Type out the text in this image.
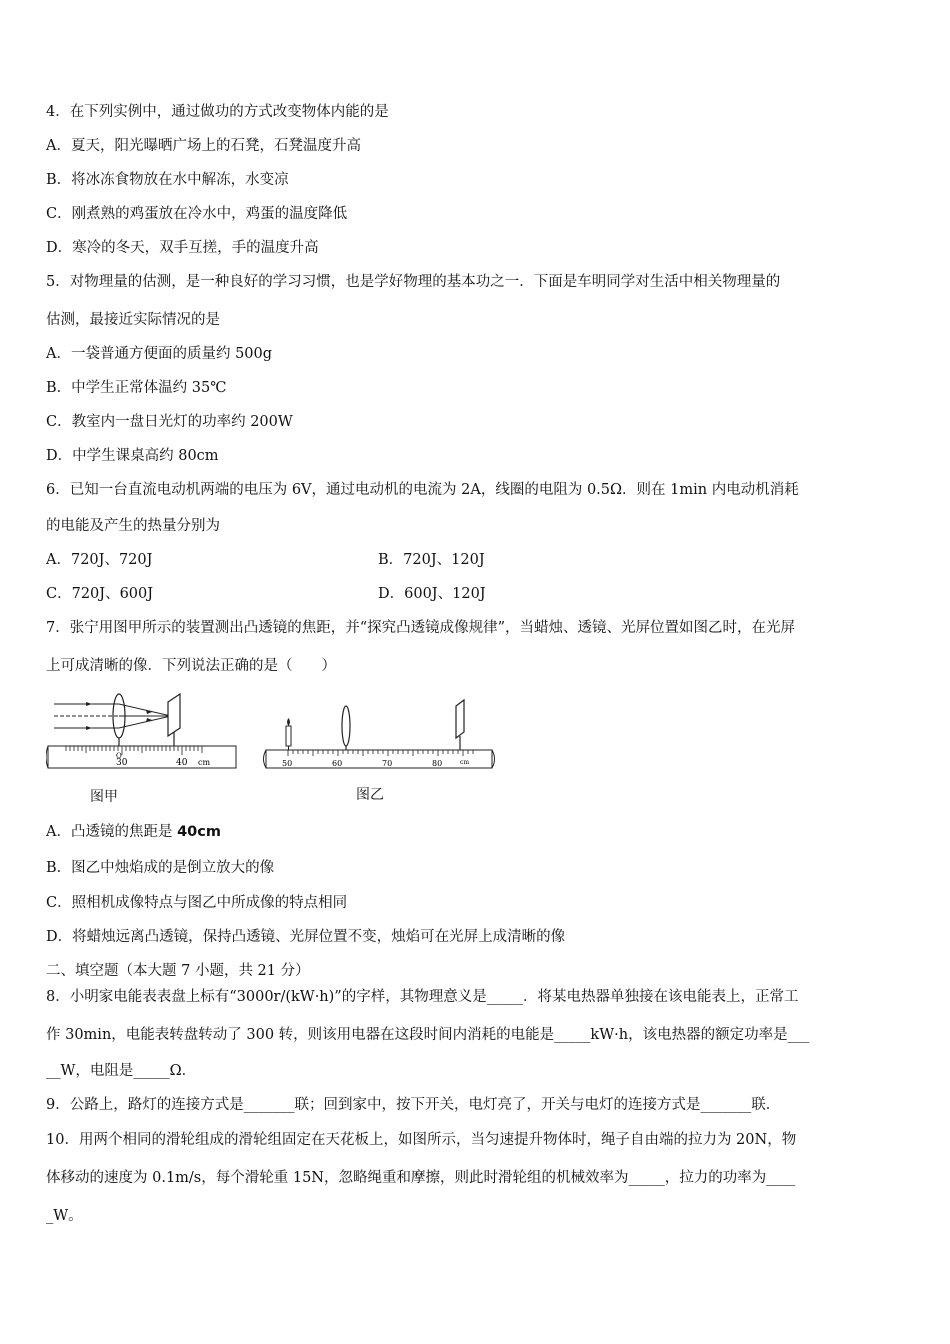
4．在下列实例中，通过做功的方式改变物体内能的是
A．夏天，阳光曝晒广场上的石凳，石凳温度升高
B．将冰冻食物放在水中解冻，水变凉
C．刚煮熟的鸡蛋放在冷水中，鸡蛋的温度降低
D．寒冷的冬天，双手互搓，手的温度升高
5．对物理量的估测，是一种良好的学习习惯，也是学好物理的基本功之一．下面是车明同学对生活中相关物理量的
估测，最接近实际情况的是
A．一袋普通方便面的质量约 500g
B．中学生正常体温约 35℃
C．教室内一盘日光灯的功率约 200W
D．中学生课桌高约 80cm
6．已知一台直流电动机两端的电压为 6V，通过电动机的电流为 2A，线圈的电阻为 0.5Ω．则在 1min 内电动机消耗
的电能及产生的热量分别为
A．720J、720J	B．720J、120J
C．720J、600J	D．600J、120J
7．张宁用图甲所示的装置测出凸透镜的焦距，并“探究凸透镜成像规律”，当蜡烛、透镜、光屏位置如图乙时，在光屏
上可成清晰的像．下列说法正确的是（　　）
O
30	40 cm
图甲
50	60	70	80	cm
图乙
A．凸透镜的焦距是 40cm
B．图乙中烛焰成的是倒立放大的像
C．照相机成像特点与图乙中所成像的特点相同
D．将蜡烛远离凸透镜，保持凸透镜、光屏位置不变，烛焰可在光屏上成清晰的像
二、填空题（本大题 7 小题，共 21 分）
8．小明家电能表表盘上标有“3000r/(kW·h)”的字样，其物理意义是_____．将某电热器单独接在该电能表上，正常工
作 30min，电能表转盘转动了 300 转，则该用电器在这段时间内消耗的电能是_____kW·h，该电热器的额定功率是___
__W，电阻是_____Ω．
9．公路上，路灯的连接方式是_______联；回到家中，按下开关，电灯亮了，开关与电灯的连接方式是_______联．
10．用两个相同的滑轮组成的滑轮组固定在天花板上，如图所示，当匀速提升物体时，绳子自由端的拉力为 20N，物
体移动的速度为 0.1m/s，每个滑轮重 15N，忽略绳重和摩擦，则此时滑轮组的机械效率为_____，拉力的功率为____
_W。
